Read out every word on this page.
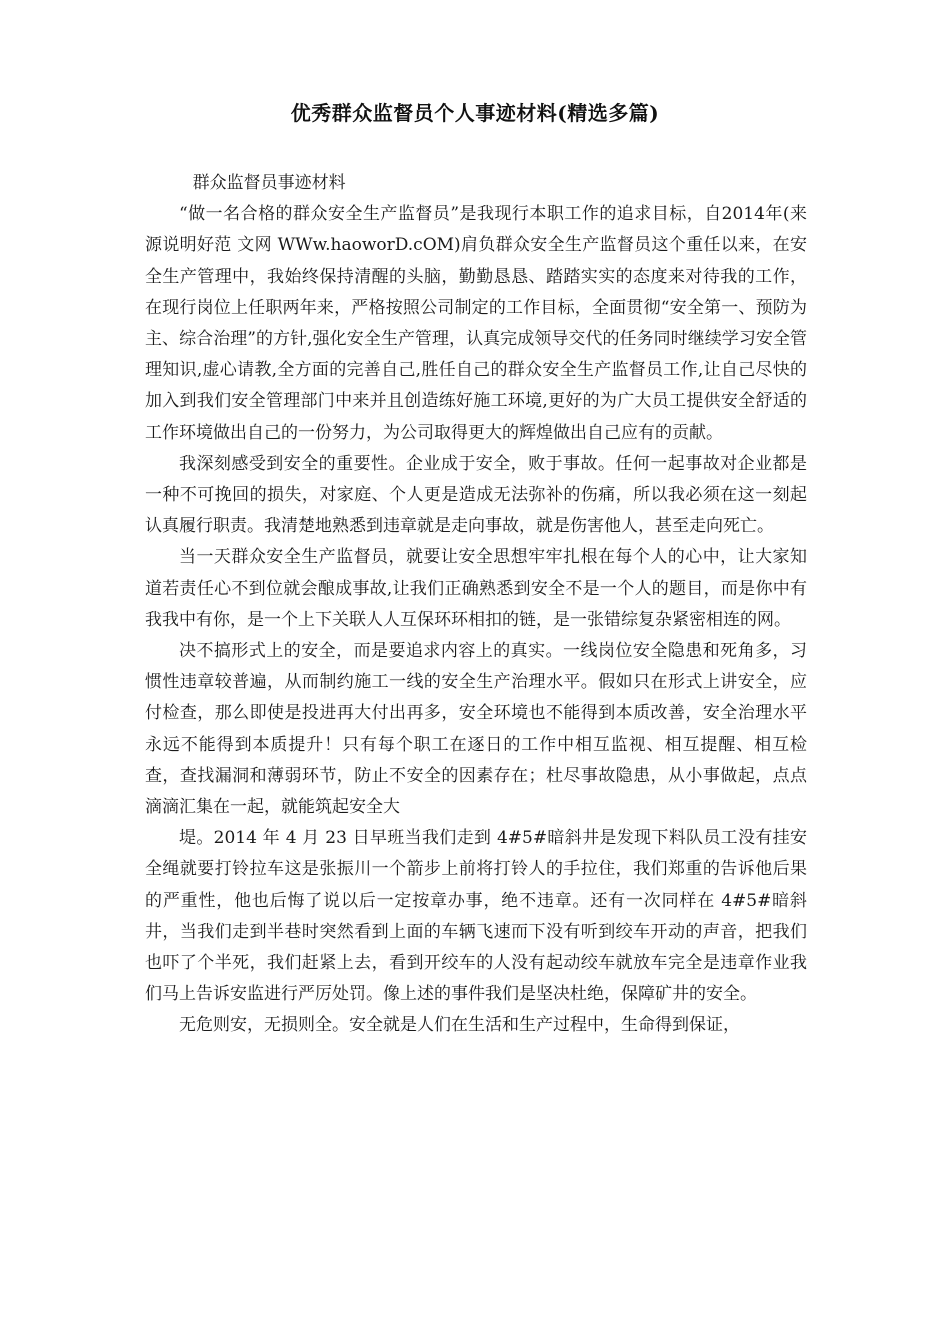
优秀群众监督员个人事迹材料(精选多篇)

群众监督员事迹材料

“做一名合格的群众安全生产监督员”是我现行本职工作的追求目标，自2014年(来源说明好范 文网 WWw.haoworD.cOM)肩负群众安全生产监督员这个重任以来，在安全生产管理中，我始终保持清醒的头脑，勤勤恳恳、踏踏实实的态度来对待我的工作，在现行岗位上任职两年来，严格按照公司制定的工作目标，全面贯彻“安全第一、预防为主、综合治理”的方针,强化安全生产管理，认真完成领导交代的任务同时继续学习安全管理知识,虚心请教,全方面的完善自己,胜任自己的群众安全生产监督员工作,让自己尽快的加入到我们安全管理部门中来并且创造练好施工环境,更好的为广大员工提供安全舒适的工作环境做出自己的一份努力，为公司取得更大的辉煌做出自己应有的贡献。

我深刻感受到安全的重要性。企业成于安全，败于事故。任何一起事故对企业都是一种不可挽回的损失，对家庭、个人更是造成无法弥补的伤痛，所以我必须在这一刻起认真履行职责。我清楚地熟悉到违章就是走向事故，就是伤害他人，甚至走向死亡。

当一天群众安全生产监督员，就要让安全思想牢牢扎根在每个人的心中，让大家知道若责任心不到位就会酿成事故,让我们正确熟悉到安全不是一个人的题目，而是你中有我我中有你，是一个上下关联人人互保环环相扣的链，是一张错综复杂紧密相连的网。

决不搞形式上的安全，而是要追求内容上的真实。一线岗位安全隐患和死角多，习惯性违章较普遍，从而制约施工一线的安全生产治理水平。假如只在形式上讲安全，应付检查，那么即使是投进再大付出再多，安全环境也不能得到本质改善，安全治理水平永远不能得到本质提升！只有每个职工在逐日的工作中相互监视、相互提醒、相互检查，查找漏洞和薄弱环节，防止不安全的因素存在；杜尽事故隐患，从小事做起，点点滴滴汇集在一起，就能筑起安全大

堤。2014 年 4 月 23 日早班当我们走到 4#5#暗斜井是发现下料队员工没有挂安全绳就要打铃拉车这是张振川一个箭步上前将打铃人的手拉住，我们郑重的告诉他后果的严重性，他也后悔了说以后一定按章办事，绝不违章。还有一次同样在 4#5#暗斜井，当我们走到半巷时突然看到上面的车辆飞速而下没有听到绞车开动的声音，把我们也吓了个半死，我们赶紧上去，看到开绞车的人没有起动绞车就放车完全是违章作业我们马上告诉安监进行严厉处罚。像上述的事件我们是坚决杜绝，保障矿井的安全。

无危则安，无损则全。安全就是人们在生活和生产过程中，生命得到保证，
